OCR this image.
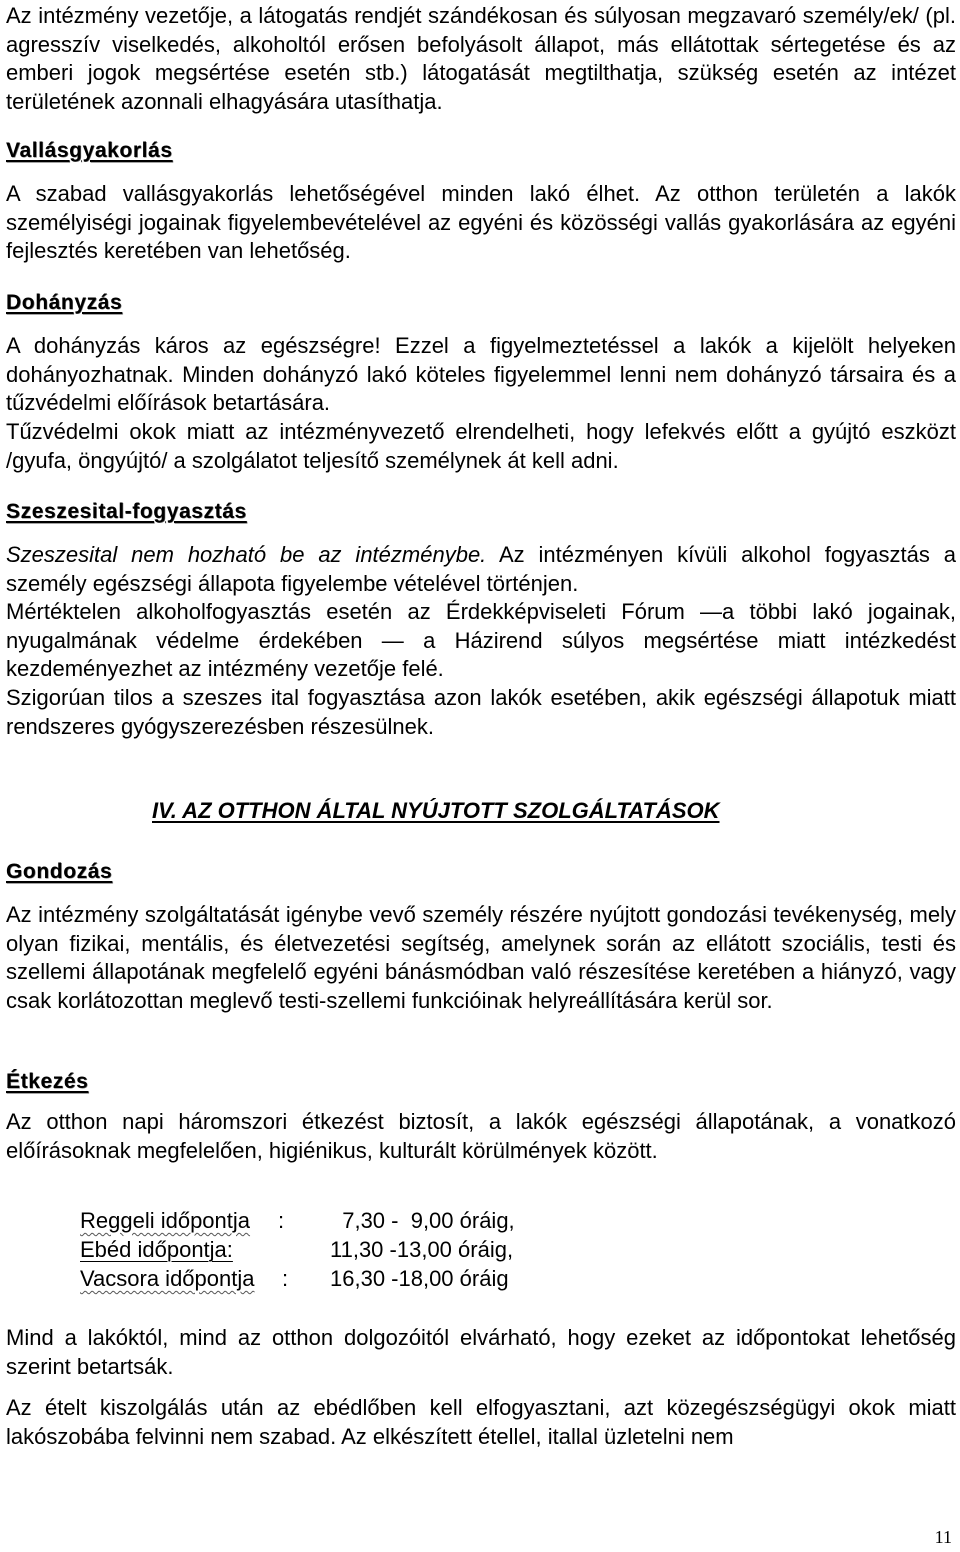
Az intézmény vezetője, a látogatás rendjét szándékosan és súlyosan megzavaró személy/ek/ (pl. agresszív viselkedés, alkoholtól erősen befolyásolt állapot, más ellátottak sértegetése és az emberi jogok megsértése esetén stb.) látogatását megtilthatja, szükség esetén az intézet területének azonnali elhagyására utasíthatja.

Vallásgyakorlás

A szabad vallásgyakorlás lehetőségével minden lakó élhet. Az otthon területén a lakók személyiségi jogainak figyelembevételével az egyéni és közösségi vallás gyakorlására az egyéni fejlesztés keretében van lehetőség.

Dohányzás

A dohányzás káros az egészségre! Ezzel a figyelmeztetéssel a lakók a kijelölt helyeken dohányozhatnak. Minden dohányzó lakó köteles figyelemmel lenni nem dohányzó társaira és a tűzvédelmi előírások betartására.

Tűzvédelmi okok miatt az intézményvezető elrendelheti, hogy lefekvés előtt a gyújtó eszközt /gyufa, öngyújtó/ a szolgálatot teljesítő személynek át kell adni.

Szeszesital-fogyasztás

Szeszesital nem hozható be az intézménybe. Az intézményen kívüli alkohol fogyasztás a személy egészségi állapota figyelembe vételével történjen.

Mértéktelen alkoholfogyasztás esetén az Érdekképviseleti Fórum —a többi lakó jogainak, nyugalmának védelme érdekében — a Házirend súlyos megsértése miatt intézkedést kezdeményezhet az intézmény vezetője felé.

Szigorúan tilos a szeszes ital fogyasztása azon lakók esetében, akik egészségi állapotuk miatt rendszeres gyógyszerezésben részesülnek.

IV. AZ OTTHON ÁLTAL NYÚJTOTT SZOLGÁLTATÁSOK
Gondozás

Az intézmény szolgáltatását igénybe vevő személy részére nyújtott gondozási tevékenység, mely olyan fizikai, mentális, és életvezetési segítség, amelynek során az ellátott szociális, testi és szellemi állapotának megfelelő egyéni bánásmódban való részesítése keretében a hiányzó, vagy csak korlátozottan meglevő testi-szellemi funkcióinak helyreállítására kerül sor.

Étkezés

Az otthon napi háromszori étkezést biztosít, a lakók egészségi állapotának, a vonatkozó előírásoknak megfelelően, higiénikus, kulturált körülmények között.

Reggeli időpontja : 7,30 -  9,00 óráig,
Ebéd időpontja:	11,30 -13,00 óráig,
Vacsora időpontja : 16,30 -18,00 óráig

Mind a lakóktól, mind az otthon dolgozóitól elvárható, hogy ezeket az időpontokat lehetőség szerint betartsák.

Az ételt kiszolgálás után az ebédlőben kell elfogyasztani, azt közegészségügyi okok miatt lakószobába felvinni nem szabad. Az elkészített étellel, itallal üzletelni nem

11
